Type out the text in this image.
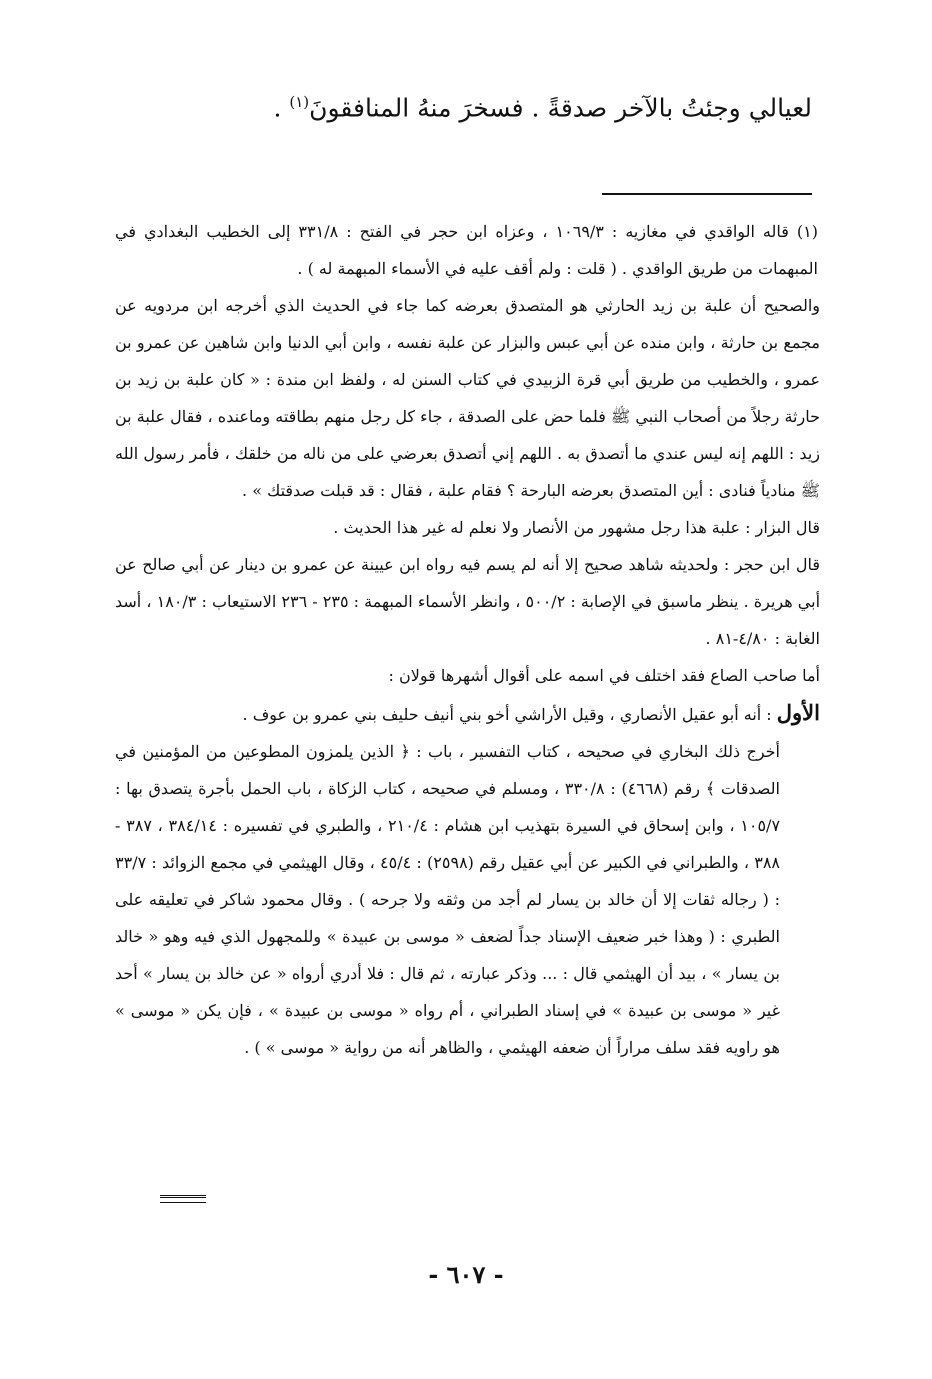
لعيالي وجئتُ بالآخر صدقةً . فسخرَ منهُ المنافقونَ$^{(١)}$ .

(١) قاله الواقدي في مغازيه : ١٠٦٩/٣ ، وعزاه ابن حجر في الفتح : ٣٣١/٨ إلى الخطيب البغدادي في المبهمات من طريق الواقدي . ( قلت : ولم أقف عليه في الأسماء المبهمة له ) .

والصحيح أن علبة بن زيد الحارثي هو المتصدق بعرضه كما جاء في الحديث الذي أخرجه ابن مردويه عن مجمع بن حارثة ، وابن منده عن أبي عبس والبزار عن علبة نفسه ، وابن أبي الدنيا وابن شاهين عن عمرو بن عمرو ، والخطيب من طريق أبي قرة الزبيدي في كتاب السنن له ، ولفظ ابن مندة : « كان علبة بن زيد بن حارثة رجلاً من أصحاب النبي ﷺ فلما حض على الصدقة ، جاء كل رجل منهم بطاقته وماعنده ، فقال علبة بن زيد : اللهم إنه ليس عندي ما أتصدق به . اللهم إني أتصدق بعرضي على من ناله من خلقك ، فأمر رسول الله ﷺ منادياً فنادى : أين المتصدق بعرضه البارحة ؟ فقام علبة ، فقال : قد قبلت صدقتك » .

قال البزار : علبة هذا رجل مشهور من الأنصار ولا نعلم له غير هذا الحديث .

قال ابن حجر : ولحديثه شاهد صحيح إلا أنه لم يسم فيه رواه ابن عيينة عن عمرو بن دينار عن أبي صالح عن أبي هريرة . ينظر ماسبق في الإصابة : ٥٠٠/٢ ، وانظر الأسماء المبهمة : ٢٣٥ - ٢٣٦ الاستيعاب : ١٨٠/٣ ، أسد الغابة : ٤/٨٠-٨١ .

أما صاحب الصاع فقد اختلف في اسمه على أقوال أشهرها قولان :

الأول : أنه أبو عقيل الأنصاري ، وقيل الأراشي أخو بني أنيف حليف بني عمرو بن عوف .

أخرج ذلك البخاري في صحيحه ، كتاب التفسير ، باب : ﴿ الذين يلمزون المطوعين من المؤمنين في الصدقات ﴾ رقم (٤٦٦٨) : ٣٣٠/٨ ، ومسلم في صحيحه ، كتاب الزكاة ، باب الحمل بأجرة يتصدق بها : ١٠٥/٧ ، وابن إسحاق في السيرة بتهذيب ابن هشام : ٢١٠/٤ ، والطبري في تفسيره : ٣٨٤/١٤ ، ٣٨٧ - ٣٨٨ ، والطبراني في الكبير عن أبي عقيل رقم (٢٥٩٨) : ٤٥/٤ ، وقال الهيثمي في مجمع الزوائد : ٣٣/٧ : ( رجاله ثقات إلا أن خالد بن يسار لم أجد من وثقه ولا جرحه ) . وقال محمود شاكر في تعليقه على الطبري : ( وهذا خبر ضعيف الإسناد جداً لضعف « موسى بن عبيدة » وللمجهول الذي فيه وهو « خالد بن يسار » ، بيد أن الهيثمي قال : ... وذكر عبارته ، ثم قال : فلا أدري أرواه « عن خالد بن يسار » أحد غير « موسى بن عبيدة » في إسناد الطبراني ، أم رواه « موسى بن عبيدة » ، فإن يكن « موسى » هو راويه فقد سلف مراراً أن ضعفه الهيثمي ، والظاهر أنه من رواية « موسى » ) .

- ٦٠٧ -
